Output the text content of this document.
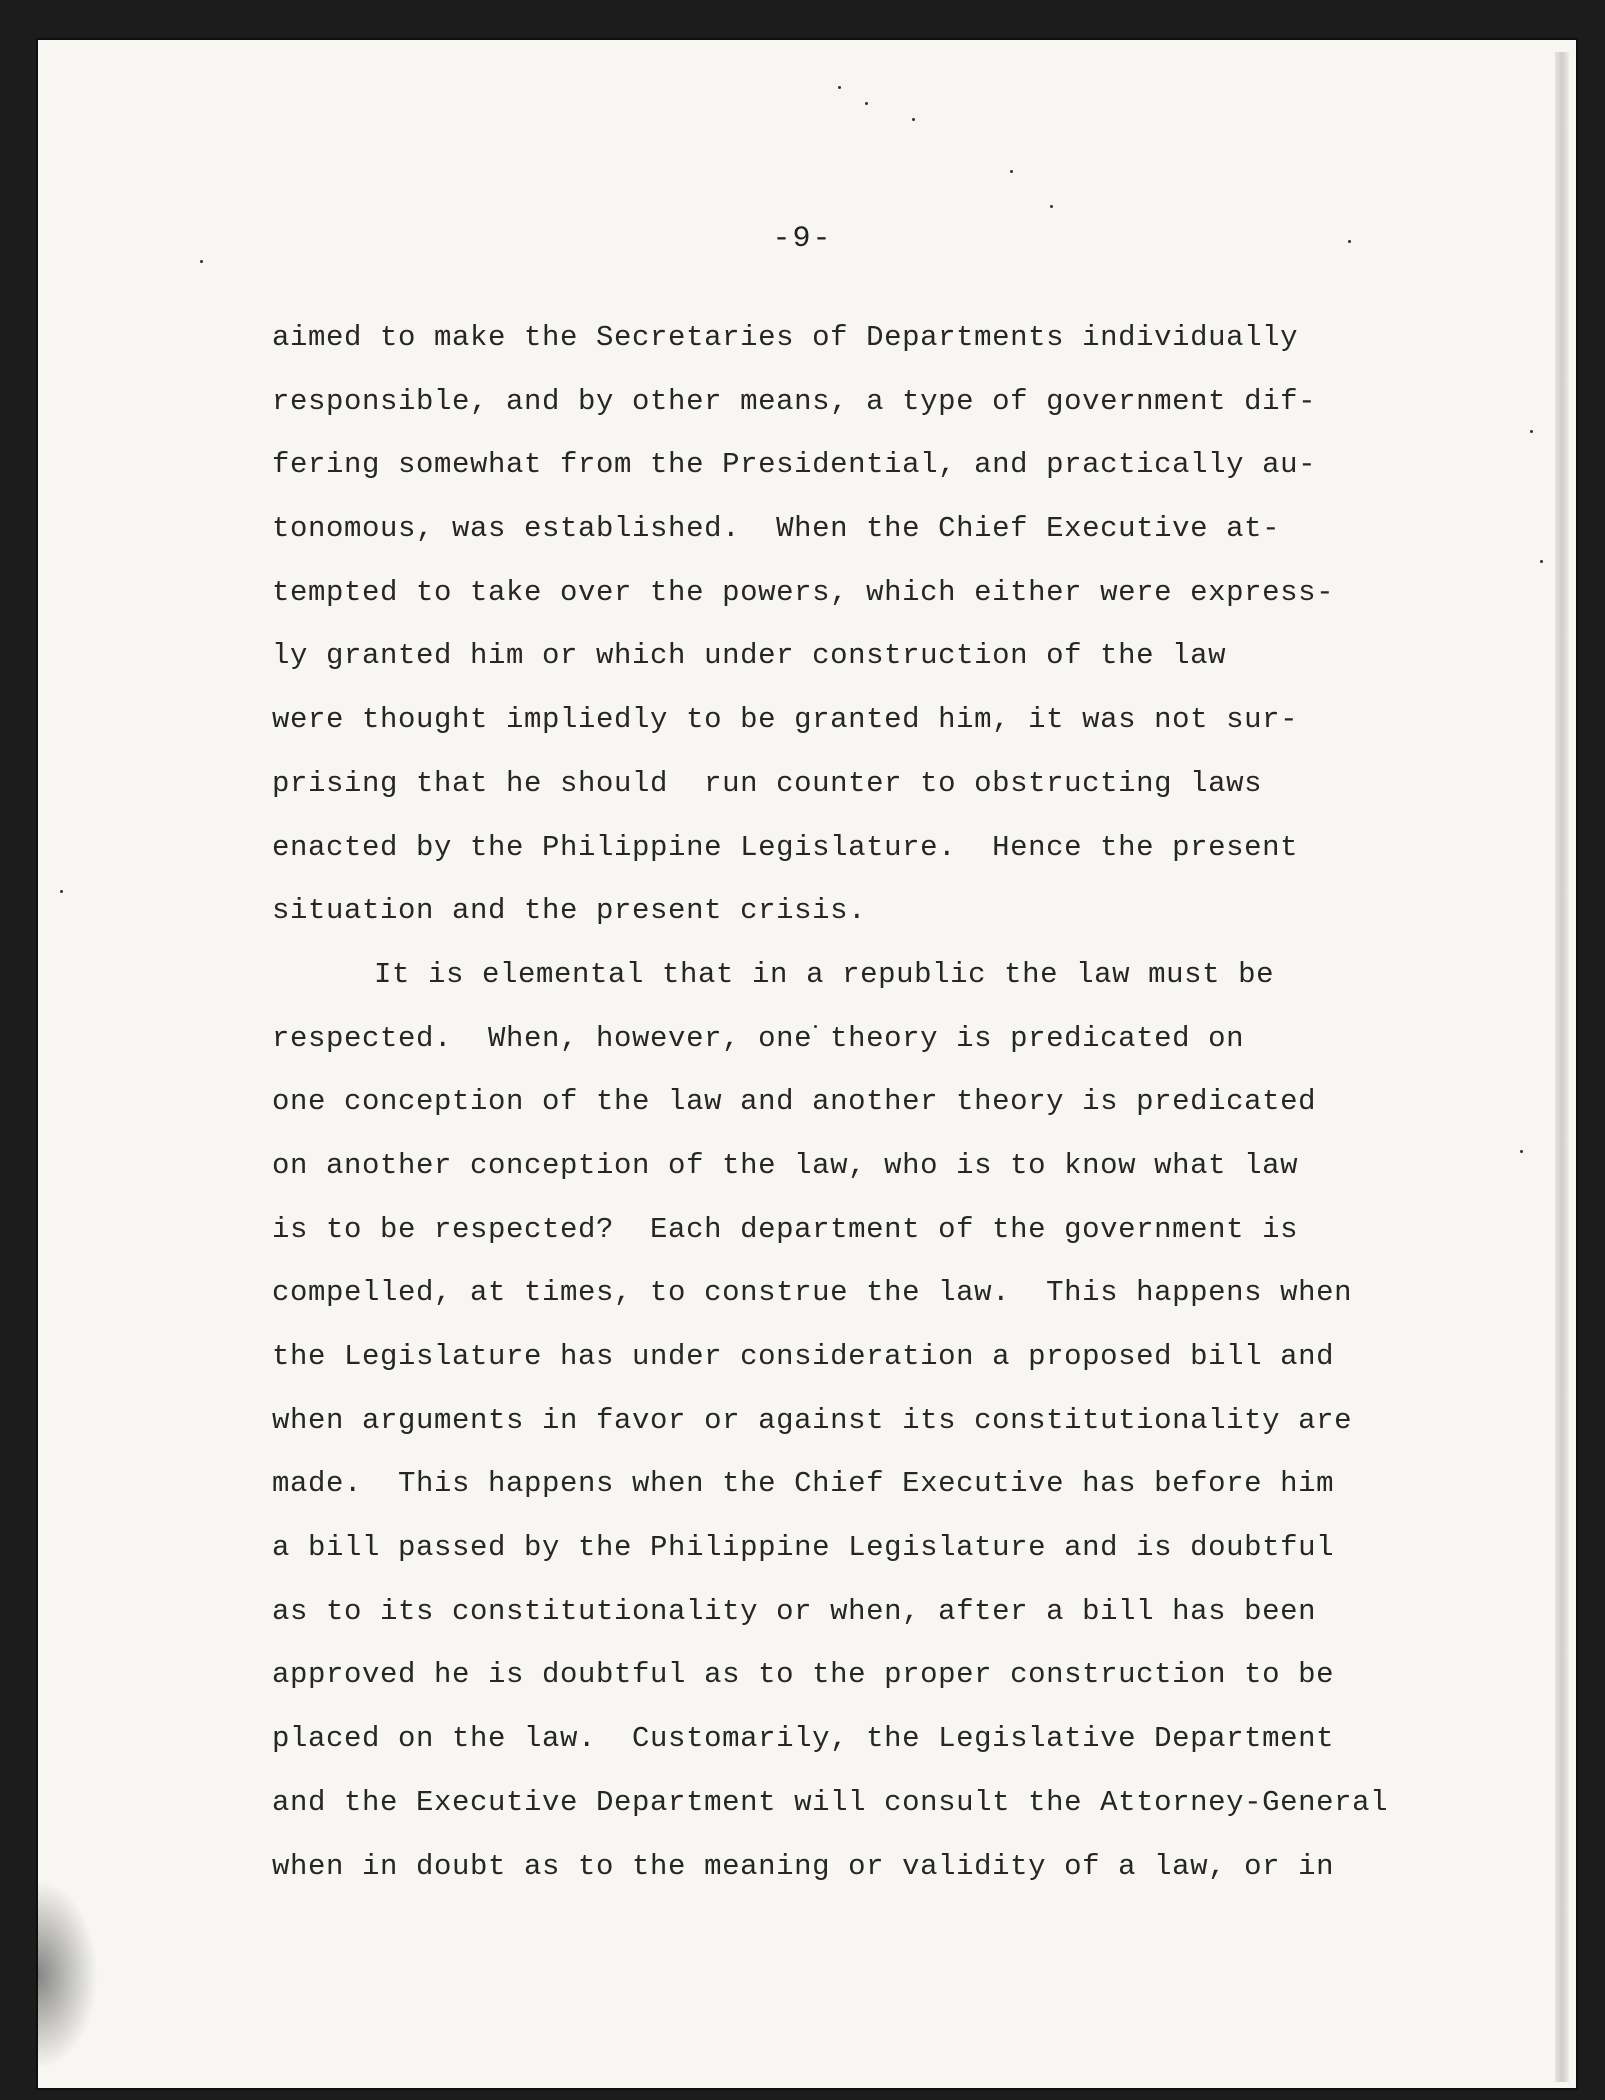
-9-
aimed to make the Secretaries of Departments individually
responsible, and by other means, a type of government dif-
fering somewhat from the Presidential, and practically au-
tonomous, was established.  When the Chief Executive at-
tempted to take over the powers, which either were express-
ly granted him or which under construction of the law
were thought impliedly to be granted him, it was not sur-
prising that he should  run counter to obstructing laws
enacted by the Philippine Legislature.  Hence the present
situation and the present crisis.
It is elemental that in a republic the law must be
respected.  When, however, one theory is predicated on
one conception of the law and another theory is predicated
on another conception of the law, who is to know what law
is to be respected?  Each department of the government is
compelled, at times, to construe the law.  This happens when
the Legislature has under consideration a proposed bill and
when arguments in favor or against its constitutionality are
made.  This happens when the Chief Executive has before him
a bill passed by the Philippine Legislature and is doubtful
as to its constitutionality or when, after a bill has been
approved he is doubtful as to the proper construction to be
placed on the law.  Customarily, the Legislative Department
and the Executive Department will consult the Attorney-General
when in doubt as to the meaning or validity of a law, or in
